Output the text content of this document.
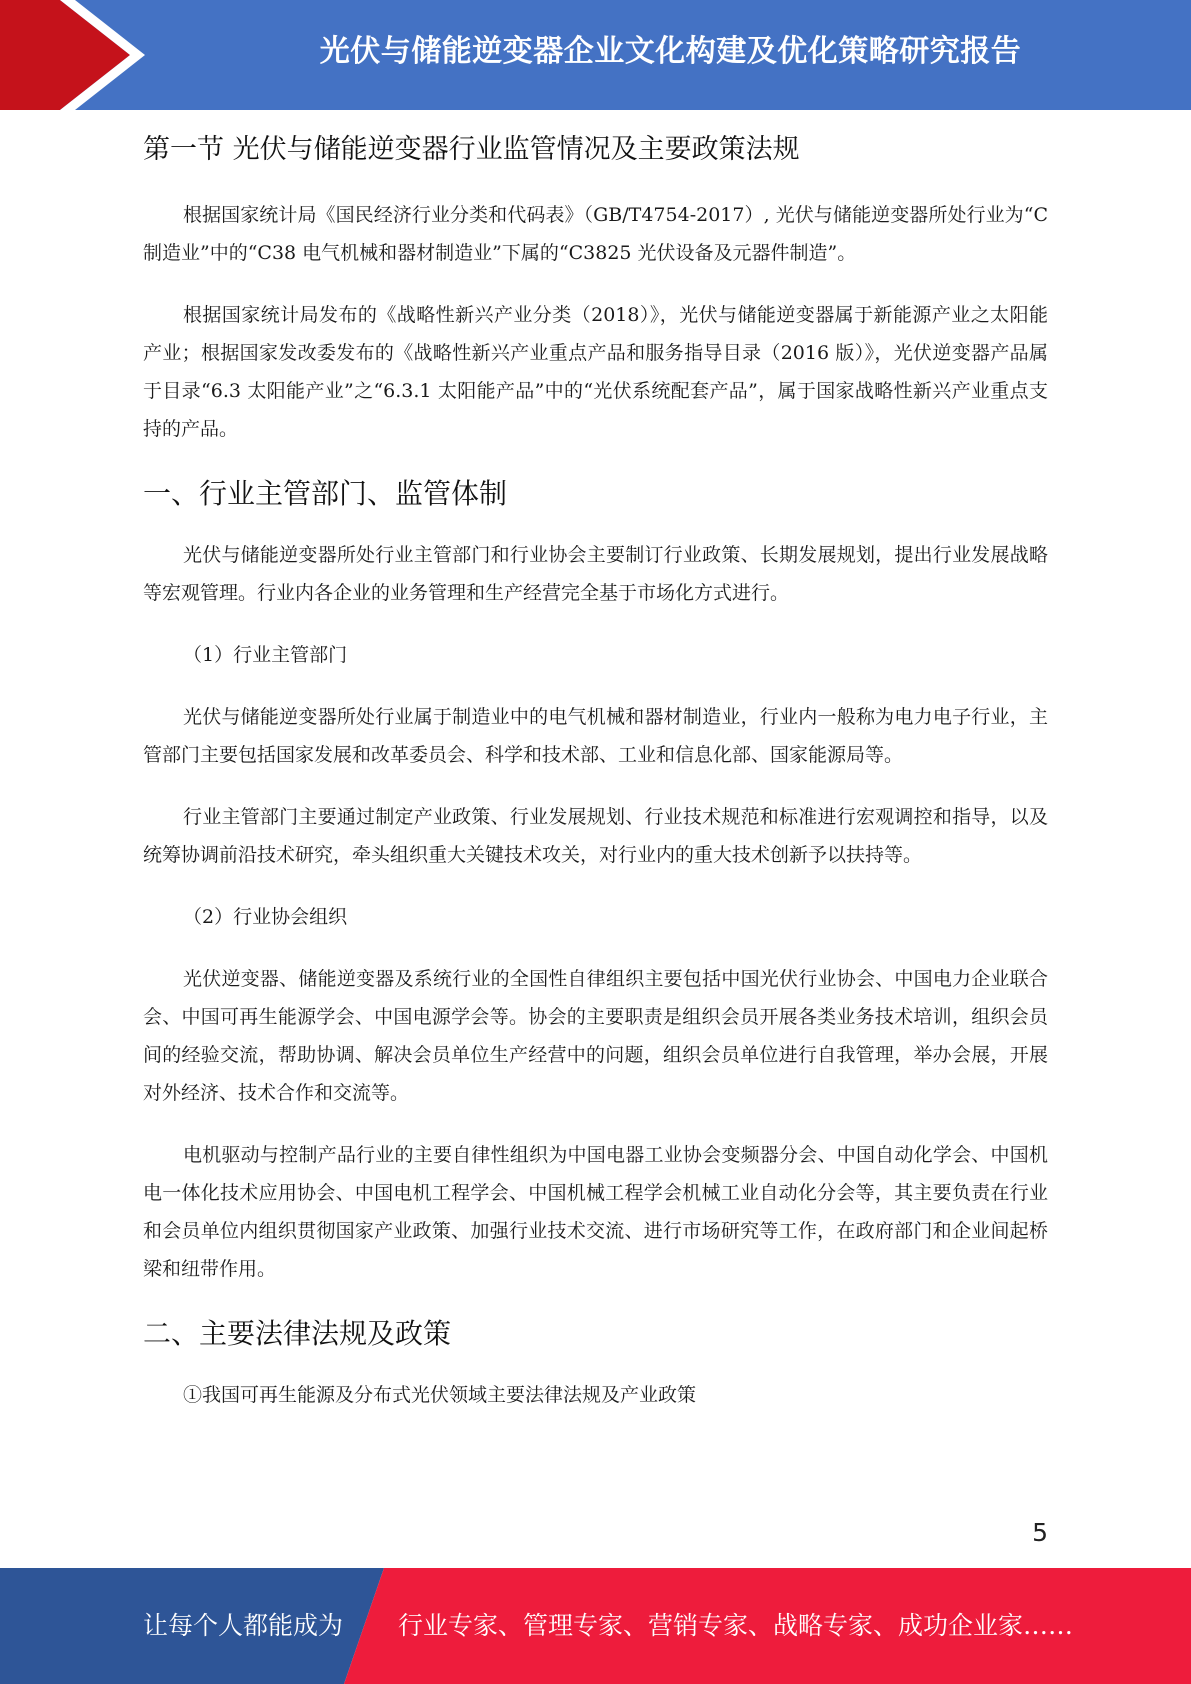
光伏与储能逆变器企业文化构建及优化策略研究报告
第一节 光伏与储能逆变器行业监管情况及主要政策法规

根据国家统计局《国民经济行业分类和代码表》（GB/T4754-2017）, 光伏与储能逆变器所处行业为“C 制造业”中的“C38 电气机械和器材制造业”下属的“C3825 光伏设备及元器件制造”。

根据国家统计局发布的《战略性新兴产业分类（2018）》，光伏与储能逆变器属于新能源产业之太阳能产业；根据国家发改委发布的《战略性新兴产业重点产品和服务指导目录（2016 版）》，光伏逆变器产品属于目录“6.3 太阳能产业”之“6.3.1 太阳能产品”中的“光伏系统配套产品”，属于国家战略性新兴产业重点支持的产品。

一、行业主管部门、监管体制

光伏与储能逆变器所处行业主管部门和行业协会主要制订行业政策、长期发展规划，提出行业发展战略等宏观管理。行业内各企业的业务管理和生产经营完全基于市场化方式进行。

（1）行业主管部门

光伏与储能逆变器所处行业属于制造业中的电气机械和器材制造业，行业内一般称为电力电子行业，主管部门主要包括国家发展和改革委员会、科学和技术部、工业和信息化部、国家能源局等。

行业主管部门主要通过制定产业政策、行业发展规划、行业技术规范和标准进行宏观调控和指导，以及统筹协调前沿技术研究，牵头组织重大关键技术攻关，对行业内的重大技术创新予以扶持等。

（2）行业协会组织

光伏逆变器、储能逆变器及系统行业的全国性自律组织主要包括中国光伏行业协会、中国电力企业联合会、中国可再生能源学会、中国电源学会等。协会的主要职责是组织会员开展各类业务技术培训，组织会员间的经验交流，帮助协调、解决会员单位生产经营中的问题，组织会员单位进行自我管理，举办会展，开展对外经济、技术合作和交流等。

电机驱动与控制产品行业的主要自律性组织为中国电器工业协会变频器分会、中国自动化学会、中国机电一体化技术应用协会、中国电机工程学会、中国机械工程学会机械工业自动化分会等，其主要负责在行业和会员单位内组织贯彻国家产业政策、加强行业技术交流、进行市场研究等工作，在政府部门和企业间起桥梁和纽带作用。

二、主要法律法规及政策

①我国可再生能源及分布式光伏领域主要法律法规及产业政策

5
让每个人都能成为 行业专家、管理专家、营销专家、战略专家、成功企业家……
